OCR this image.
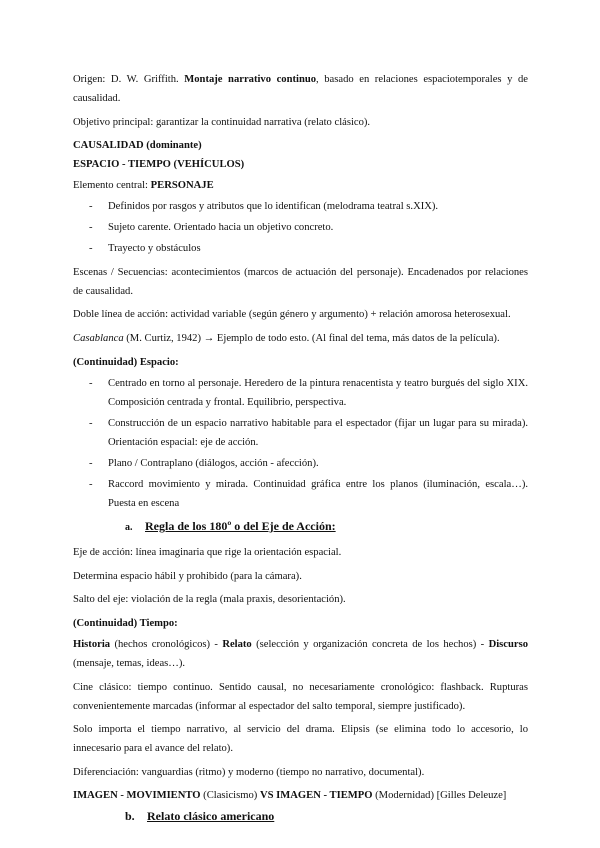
Origen: D. W. Griffith. Montaje narrativo continuo, basado en relaciones espaciotemporales y de causalidad.

Objetivo principal: garantizar la continuidad narrativa (relato clásico).

CAUSALIDAD (dominante)
ESPACIO - TIEMPO (VEHÍCULOS)

Elemento central: PERSONAJE

- Definidos por rasgos y atributos que lo identifican (melodrama teatral s.XIX).
- Sujeto carente. Orientado hacia un objetivo concreto.
- Trayecto y obstáculos

Escenas / Secuencias: acontecimientos (marcos de actuación del personaje). Encadenados por relaciones de causalidad.

Doble línea de acción: actividad variable (según género y argumento) + relación amorosa heterosexual.

Casablanca (M. Curtiz, 1942) → Ejemplo de todo esto. (Al final del tema, más datos de la película).

(Continuidad) Espacio:
- Centrado en torno al personaje. Heredero de la pintura renacentista y teatro burgués del siglo XIX. Composición centrada y frontal. Equilibrio, perspectiva.
- Construcción de un espacio narrativo habitable para el espectador (fijar un lugar para su mirada). Orientación espacial: eje de acción.
- Plano / Contraplano (diálogos, acción - afección).
- Raccord movimiento y mirada. Continuidad gráfica entre los planos (iluminación, escala…). Puesta en escena
a. Regla de los 180º o del Eje de Acción:

Eje de acción: línea imaginaria que rige la orientación espacial.

Determina espacio hábil y prohibido (para la cámara).

Salto del eje: violación de la regla (mala praxis, desorientación).

(Continuidad) Tiempo:

Historia (hechos cronológicos) - Relato (selección y organización concreta de los hechos) - Discurso (mensaje, temas, ideas…).

Cine clásico: tiempo continuo. Sentido causal, no necesariamente cronológico: flashback. Rupturas convenientemente marcadas (informar al espectador del salto temporal, siempre justificado).

Solo importa el tiempo narrativo, al servicio del drama. Elipsis (se elimina todo lo accesorio, lo innecesario para el avance del relato).

Diferenciación: vanguardias (ritmo) y moderno (tiempo no narrativo, documental).

IMAGEN - MOVIMIENTO (Clasicismo) VS IMAGEN - TIEMPO (Modernidad) [Gilles Deleuze]

b. Relato clásico americano
